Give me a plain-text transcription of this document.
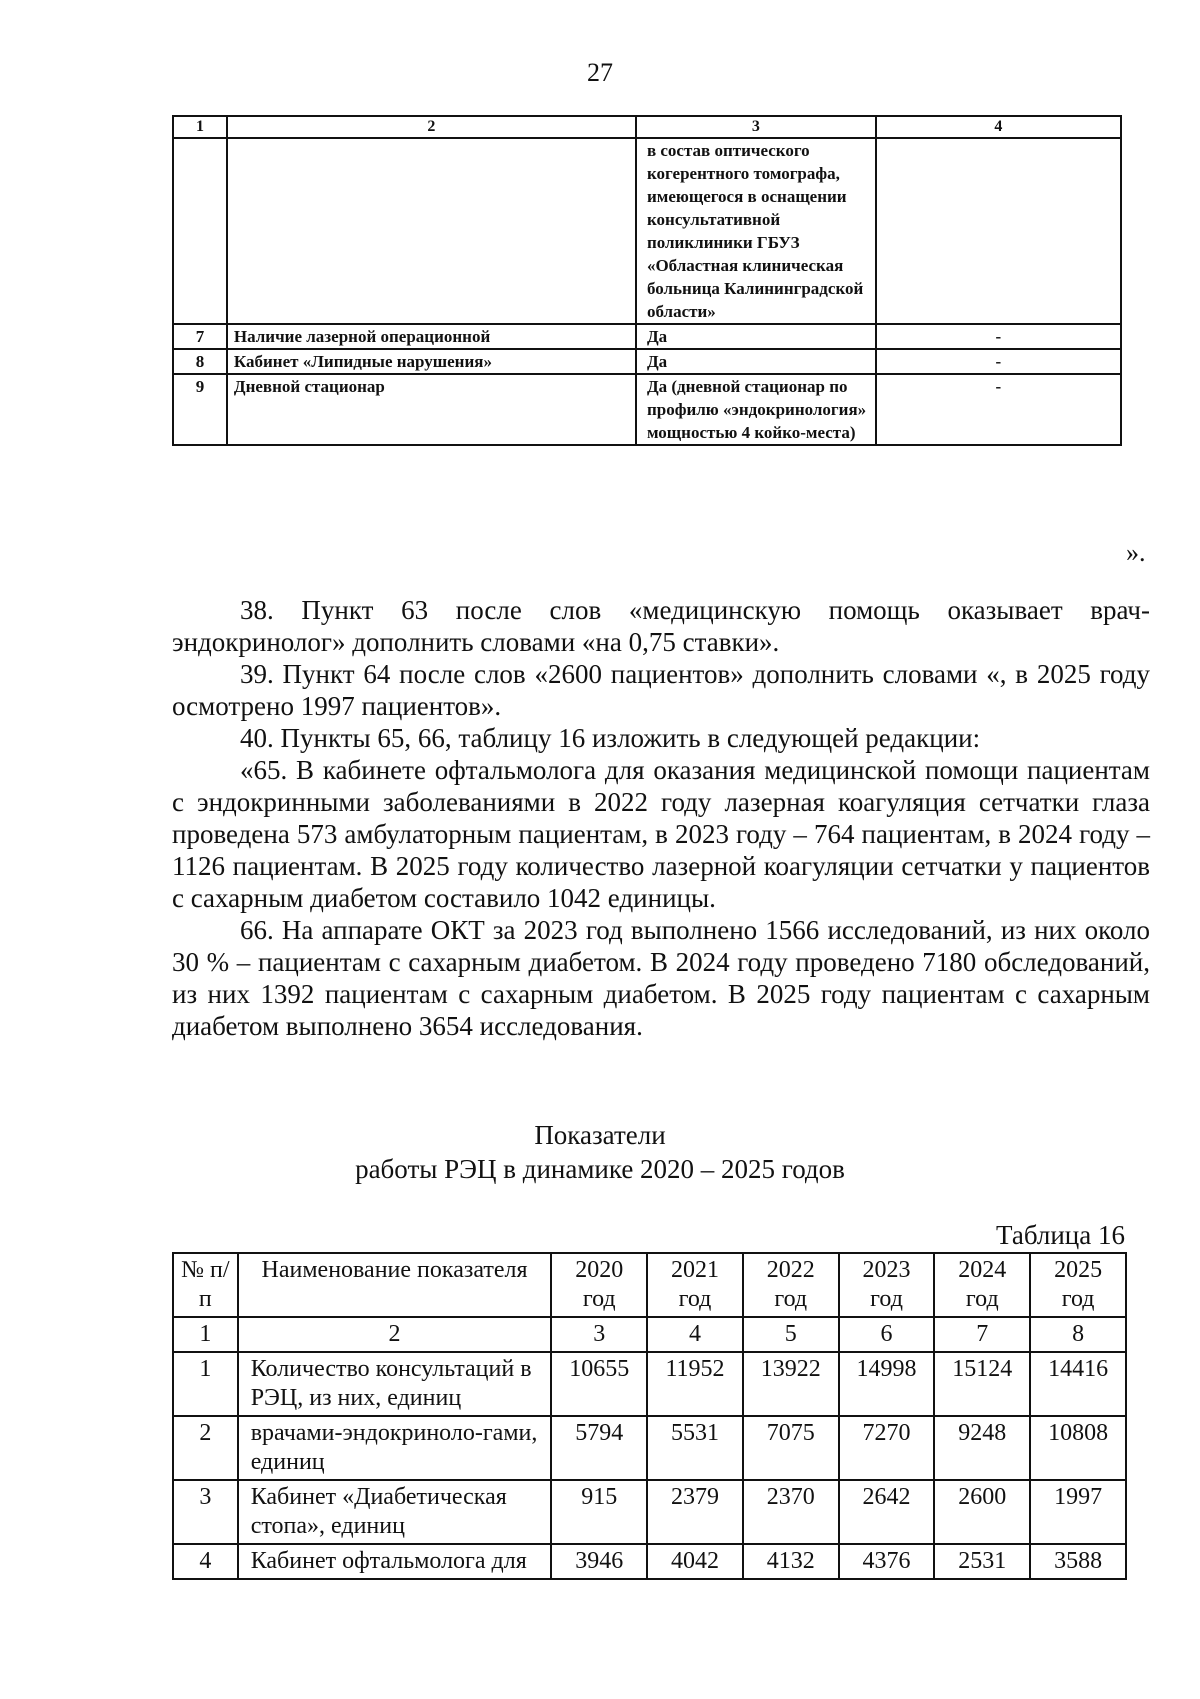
27
1	2	3	4
		в состав оптического когерентного томографа, имеющегося в оснащении консультативной поликлиники ГБУЗ «Областная клиническая больница Калининградской области»	
7	Наличие лазерной операционной	Да	-
8	Кабинет «Липидные нарушения»	Да	-
9	Дневной стационар	Да (дневной стационар по профилю «эндокринология» мощностью 4 койко-места)	-
».

38. Пункт 63 после слов «медицинскую помощь оказывает врач-эндокринолог» дополнить словами «на 0,75 ставки».

39. Пункт 64 после слов «2600 пациентов» дополнить словами «, в 2025 году осмотрено 1997 пациентов».

40. Пункты 65, 66, таблицу 16 изложить в следующей редакции:

«65. В кабинете офтальмолога для оказания медицинской помощи пациентам с эндокринными заболеваниями в 2022 году лазерная коагуляция сетчатки глаза проведена 573 амбулаторным пациентам, в 2023 году – 764 пациентам, в 2024 году – 1126 пациентам. В 2025 году количество лазерной коагуляции сетчатки у пациентов с сахарным диабетом составило 1042 единицы.

66. На аппарате ОКТ за 2023 год выполнено 1566 исследований, из них около 30 % – пациентам с сахарным диабетом. В 2024 году проведено 7180 обследований, из них 1392 пациентам с сахарным диабетом. В 2025 году пациентам с сахарным диабетом выполнено 3654 исследования.

Показатели
работы РЭЦ в динамике 2020 – 2025 годов
Таблица 16
№ п/п	Наименование показателя	2020 год	2021 год	2022 год	2023 год	2024 год	2025 год
1	2	3	4	5	6	7	8
1	Количество консультаций в РЭЦ, из них, единиц	10655	11952	13922	14998	15124	14416
2	врачами-эндокриноло-гами, единиц	5794	5531	7075	7270	9248	10808
3	Кабинет «Диабетическая стопа», единиц	915	2379	2370	2642	2600	1997
4	Кабинет офтальмолога для	3946	4042	4132	4376	2531	3588
